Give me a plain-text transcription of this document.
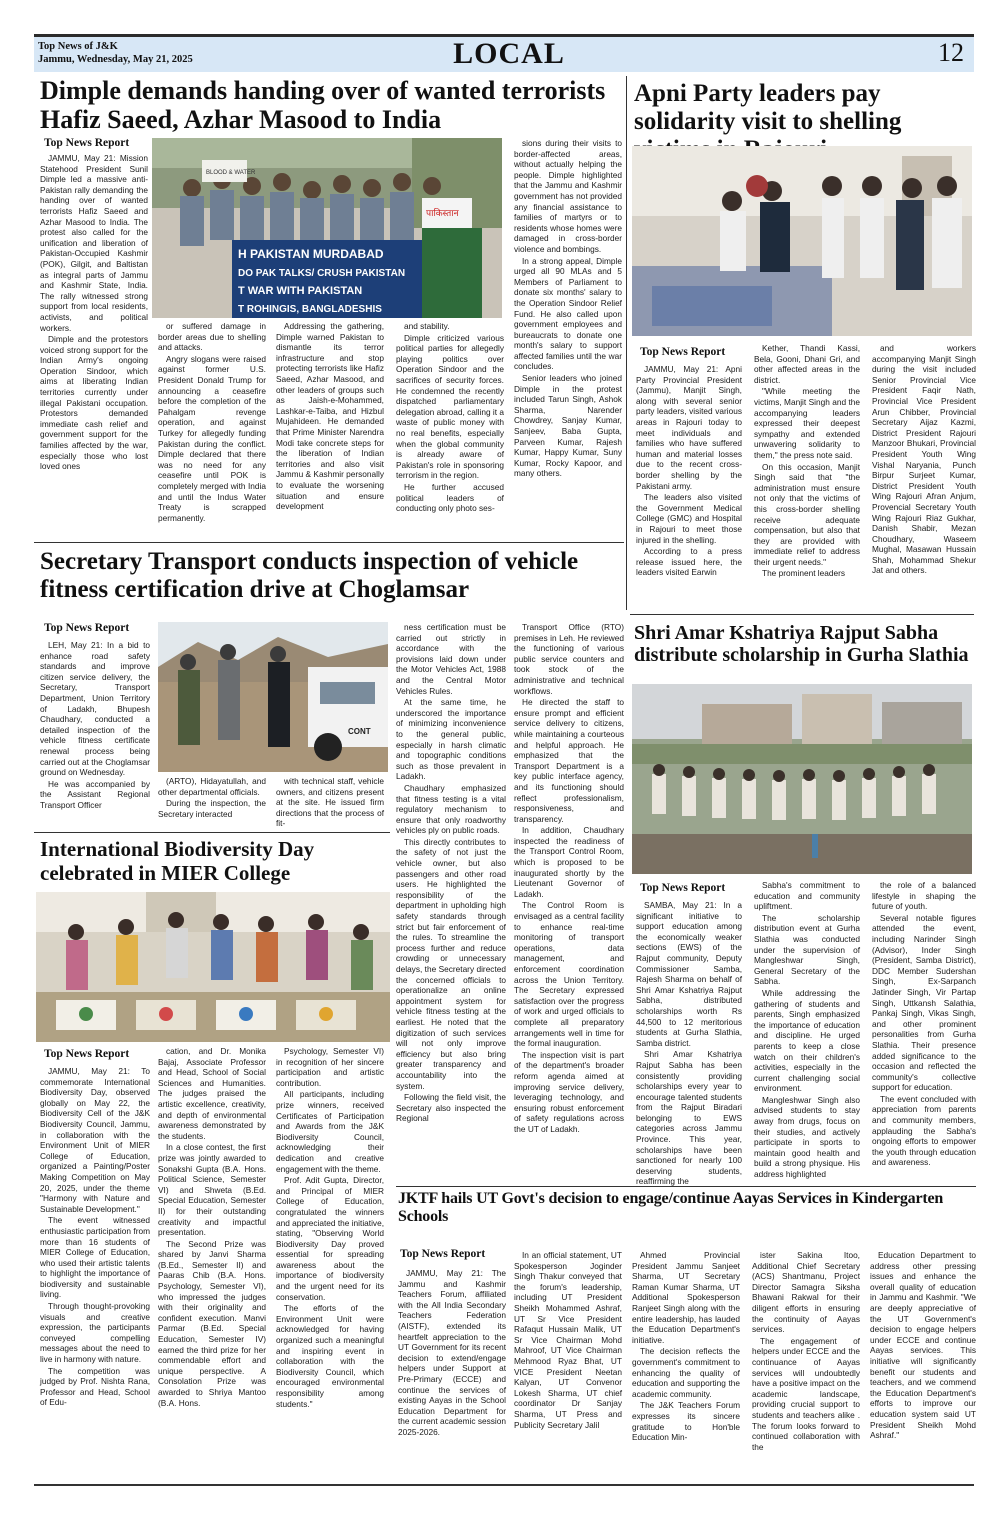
Top News of J&K
Jammu, Wednesday, May 21, 2025	LOCAL	12
Dimple demands handing over of wanted terrorists Hafiz Saeed, Azhar Masood to India
Top News Report

JAMMU, May 21: Mission Statehood President Sunil Dimple led a massive anti-Pakistan rally demanding the handing over of wanted terrorists Hafiz Saeed and Azhar Masood to India. The protest also called for the unification and liberation of Pakistan-Occupied Kashmir (POK), Gilgit, and Baltistan as integral parts of Jammu and Kashmir State, India. The rally witnessed strong support from local residents, activists, and political workers.

Dimple and the protestors voiced strong support for the Indian Army's ongoing Operation Sindoor, which aims at liberating Indian territories currently under illegal Pakistani occupation. Protestors demanded immediate cash relief and government support for the families affected by the war, especially those who lost loved ones

H PAKISTAN MURDABAD
DO PAK TALKS/ CRUSH PAKISTAN
T WAR WITH PAKISTAN
T ROHINGIS, BANGLADESHIS
BLOOD & WATER
पाकिस्तान

or suffered damage in border areas due to shelling and attacks.

Angry slogans were raised against former U.S. President Donald Trump for announcing a ceasefire before the completion of the Pahalgam revenge operation, and against Turkey for allegedly funding Pakistan during the conflict. Dimple declared that there was no need for any ceasefire until POK is completely merged with India and until the Indus Water Treaty is scrapped permanently.

Addressing the gathering, Dimple warned Pakistan to dismantle its terror infrastructure and stop protecting terrorists like Hafiz Saeed, Azhar Masood, and other leaders of groups such as Jaish-e-Mohammed, Lashkar-e-Taiba, and Hizbul Mujahideen. He demanded that Prime Minister Narendra Modi take concrete steps for the liberation of Indian territories and also visit Jammu & Kashmir personally to evaluate the worsening situation and ensure development

and stability.

Dimple criticized various political parties for allegedly playing politics over Operation Sindoor and the sacrifices of security forces. He condemned the recently dispatched parliamentary delegation abroad, calling it a waste of public money with no real benefits, especially when the global community is already aware of Pakistan's role in sponsoring terrorism in the region.

He further accused political leaders of conducting only photo ses-

sions during their visits to border-affected areas, without actually helping the people. Dimple highlighted that the Jammu and Kashmir government has not provided any financial assistance to families of martyrs or to residents whose homes were damaged in cross-border violence and bombings.

In a strong appeal, Dimple urged all 90 MLAs and 5 Members of Parliament to donate six months' salary to the Operation Sindoor Relief Fund. He also called upon government employees and bureaucrats to donate one month's salary to support affected families until the war concludes.

Senior leaders who joined Dimple in the protest included Tarun Singh, Ashok Sharma, Narender Chowdrey, Sanjay Kumar, Sanjeev, Baba Gupta, Parveen Kumar, Rajesh Kumar, Happy Kumar, Suny Kumar, Rocky Kapoor, and many others.

Apni Party leaders pay solidarity visit to shelling
Top News Report

JAMMU, May 21: Apni Party Provincial President (Jammu), Manjit Singh, along with several senior party leaders, visited various areas in Rajouri today to meet individuals and families who have suffered human and material losses due to the recent cross-border shelling by the Pakistani army.

The leaders also visited the Government Medical College (GMC) and Hospital in Rajouri to meet those injured in the shelling.

According to a press release issued here, the leaders visited Earwin

Kether, Thandi Kassi, Bela, Gooni, Dhani Gri, and other affected areas in the district.

"While meeting the victims, Manjit Singh and the accompanying leaders expressed their deepest sympathy and extended unwavering solidarity to them," the press note said.

On this occasion, Manjit Singh said that "the administration must ensure not only that the victims of this cross-border shelling receive adequate compensation, but also that they are provided with immediate relief to address their urgent needs."

The prominent leaders

and workers accompanying Manjit Singh during the visit included Senior Provincial Vice President Faqir Nath, Provincial Vice President Arun Chibber, Provincial Secretary Aijaz Kazmi, District President Rajouri Manzoor Bhukari, Provincial President Youth Wing Vishal Naryania, Punch Birpur Surjeet Kumar, District President Youth Wing Rajouri Afran Anjum, Provencial Secretary Youth Wing Rajouri Riaz Gukhar, Danish Shabir, Mezan Choudhary, Waseem Mughal, Masawan Hussain Shah, Mohammad Shekur Jat and others.

Secretary Transport conducts inspection of vehicle fitness certification drive at Choglamsar
Top News Report

LEH, May 21: In a bid to enhance road safety standards and improve citizen service delivery, the Secretary, Transport Department, Union Territory of Ladakh, Bhupesh Chaudhary, conducted a detailed inspection of the vehicle fitness certificate renewal process being carried out at the Choglamsar ground on Wednesday.

He was accompanied by the Assistant Regional Transport Officer

CONT

(ARTO), Hidayatullah, and other departmental officials.

During the inspection, the Secretary interacted

with technical staff, vehicle owners, and citizens present at the site. He issued firm directions that the process of fit-

ness certification must be carried out strictly in accordance with the provisions laid down under the Motor Vehicles Act, 1988 and the Central Motor Vehicles Rules.

At the same time, he underscored the importance of minimizing inconvenience to the general public, especially in harsh climatic and topographic conditions such as those prevalent in Ladakh.

Chaudhary emphasized that fitness testing is a vital regulatory mechanism to ensure that only roadworthy vehicles ply on public roads.

This directly contributes to the safety of not just the vehicle owner, but also passengers and other road users. He highlighted the responsibility of the department in upholding high safety standards through strict but fair enforcement of the rules. To streamline the process further and reduce crowding or unnecessary delays, the Secretary directed the concerned officials to operationalize an online appointment system for vehicle fitness testing at the earliest. He noted that the digitization of such services will not only improve efficiency but also bring greater transparency and accountability into the system.

Following the field visit, the Secretary also inspected the Regional

Transport Office (RTO) premises in Leh. He reviewed the functioning of various public service counters and took stock of the administrative and technical workflows.

He directed the staff to ensure prompt and efficient service delivery to citizens, while maintaining a courteous and helpful approach. He emphasized that the Transport Department is a key public interface agency, and its functioning should reflect professionalism, responsiveness, and transparency.

In addition, Chaudhary inspected the readiness of the Transport Control Room, which is proposed to be inaugurated shortly by the Lieutenant Governor of Ladakh.

The Control Room is envisaged as a central facility to enhance real-time monitoring of transport operations, data management, and enforcement coordination across the Union Territory. The Secretary expressed satisfaction over the progress of work and urged officials to complete all preparatory arrangements well in time for the formal inauguration.

The inspection visit is part of the department's broader reform agenda aimed at improving service delivery, leveraging technology, and ensuring robust enforcement of safety regulations across the UT of Ladakh.

Shri Amar Kshatriya Rajput Sabha distribute scholarship in Gurha Slathia
Top News Report

SAMBA, May 21: In a significant initiative to support education among the economically weaker sections (EWS) of the Rajput community, Deputy Commissioner Samba, Rajesh Sharma on behalf of Shri Amar Kshatriya Rajput Sabha, distributed scholarships worth Rs 44,500 to 12 meritorious students at Gurha Slathia, Samba district.

Shri Amar Kshatriya Rajput Sabha has been consistently providing scholarships every year to encourage talented students from the Rajput Biradari belonging to EWS categories across Jammu Province. This year, scholarships have been sanctioned for nearly 100 deserving students, reaffirming the

Sabha's commitment to education and community upliftment.

The scholarship distribution event at Gurha Slathia was conducted under the supervision of Mangleshwar Singh, General Secretary of the Sabha.

While addressing the gathering of students and parents, Singh emphasized the importance of education and discipline. He urged parents to keep a close watch on their children's activities, especially in the current challenging social environment.

Mangleshwar Singh also advised students to stay away from drugs, focus on their studies, and actively participate in sports to maintain good health and build a strong physique. His address highlighted

the role of a balanced lifestyle in shaping the future of youth.

Several notable figures attended the event, including Narinder Singh (Advisor), Inder Singh (President, Samba District), DDC Member Sudershan Singh, Ex-Sarpanch Jatinder Singh, Vir Partap Singh, Uttkansh Salathia, Pankaj Singh, Vikas Singh, and other prominent personalities from Gurha Slathia. Their presence added significance to the occasion and reflected the community's collective support for education.

The event concluded with appreciation from parents and community members, applauding the Sabha's ongoing efforts to empower the youth through education and awareness.

International Biodiversity Day celebrated in MIER College
Top News Report

JAMMU, May 21: To commemorate International Biodiversity Day, observed globally on May 22, the Biodiversity Cell of the J&K Biodiversity Council, Jammu, in collaboration with the Environment Unit of MIER College of Education, organized a Painting/Poster Making Competition on May 20, 2025, under the theme "Harmony with Nature and Sustainable Development."

The event witnessed enthusiastic participation from more than 16 students of MIER College of Education, who used their artistic talents to highlight the importance of biodiversity and sustainable living.

Through thought-provoking visuals and creative expression, the participants conveyed compelling messages about the need to live in harmony with nature.

The competition was judged by Prof. Nishta Rana, Professor and Head, School of Edu-

cation, and Dr. Monika Bajaj, Associate Professor and Head, School of Social Sciences and Humanities. The judges praised the artistic excellence, creativity, and depth of environmental awareness demonstrated by the students.

In a close contest, the first prize was jointly awarded to Sonakshi Gupta (B.A. Hons. Political Science, Semester VI) and Shweta (B.Ed. Special Education, Semester II) for their outstanding creativity and impactful presentation.

The Second Prize was shared by Janvi Sharma (B.Ed., Semester II) and Paaras Chib (B.A. Hons. Psychology, Semester VI), who impressed the judges with their originality and confident execution. Manvi Parmar (B.Ed. Special Education, Semester IV) earned the third prize for her commendable effort and unique perspective. A Consolation Prize was awarded to Shriya Mantoo (B.A. Hons.

Psychology, Semester VI) in recognition of her sincere participation and artistic contribution.

All participants, including prize winners, received Certificates of Participation and Awards from the J&K Biodiversity Council, acknowledging their dedication and creative engagement with the theme.

Prof. Adit Gupta, Director, and Principal of MIER College of Education, congratulated the winners and appreciated the initiative, stating, "Observing World Biodiversity Day proved essential for spreading awareness about the importance of biodiversity and the urgent need for its conservation.

The efforts of the Environment Unit were acknowledged for having organized such a meaningful and inspiring event in collaboration with the Biodiversity Council, which encouraged environmental responsibility among students."

JKTF hails UT Govt's decision to engage/continue Aayas Services in Kindergarten Schools
Top News Report

JAMMU, May 21: The Jammu and Kashmir Teachers Forum, affiliated with the All India Secondary Teachers Federation (AISTF), extended its heartfelt appreciation to the UT Government for its recent decision to extend/engage helpers under Support at Pre-Primary (ECCE) and continue the services of existing Aayas in the School Education Department for the current academic session 2025-2026.

In an official statement, UT Spokesperson Joginder Singh Thakur conveyed that the forum's leadership, including UT President Sheikh Mohammed Ashraf, UT Sr Vice President Rafaqut Hussain Malik, UT Sr Vice Chairman Mohd Mahroof, UT Vice Chairman Mehmood Ryaz Bhat, UT VICE President Neetan Kalyan, UT Convenor Lokesh Sharma, UT chief coordinator Dr Sanjay Sharma, UT Press and Publicity Secretary Jalil

Ahmed Provincial President Jammu Sanjeet Sharma, UT Secretary Raman Kumar Sharma, UT Additional Spokesperson Ranjeet Singh along with the entire leadership, has lauded the Education Department's initiative.

The decision reflects the government's commitment to enhancing the quality of education and supporting the academic community.

The J&K Teachers Forum expresses its sincere gratitude to Hon'ble Education Min-

ister Sakina Itoo, Additional Chief Secretary (ACS) Shantmanu, Project Director Samagra Siksha Bhawani Rakwal for their diligent efforts in ensuring the continuity of Aayas services.

The engagement of helpers under ECCE and the continuance of Aayas services will undoubtedly have a positive impact on the academic landscape, providing crucial support to students and teachers alike . The forum looks forward to continued collaboration with the

Education Department to address other pressing issues and enhance the overall quality of education in Jammu and Kashmir. "We are deeply appreciative of the UT Government's decision to engage helpers under ECCE and continue Aayas services. This initiative will significantly benefit our students and teachers, and we commend the Education Department's efforts to improve our education system said UT President Sheikh Mohd Ashraf."
